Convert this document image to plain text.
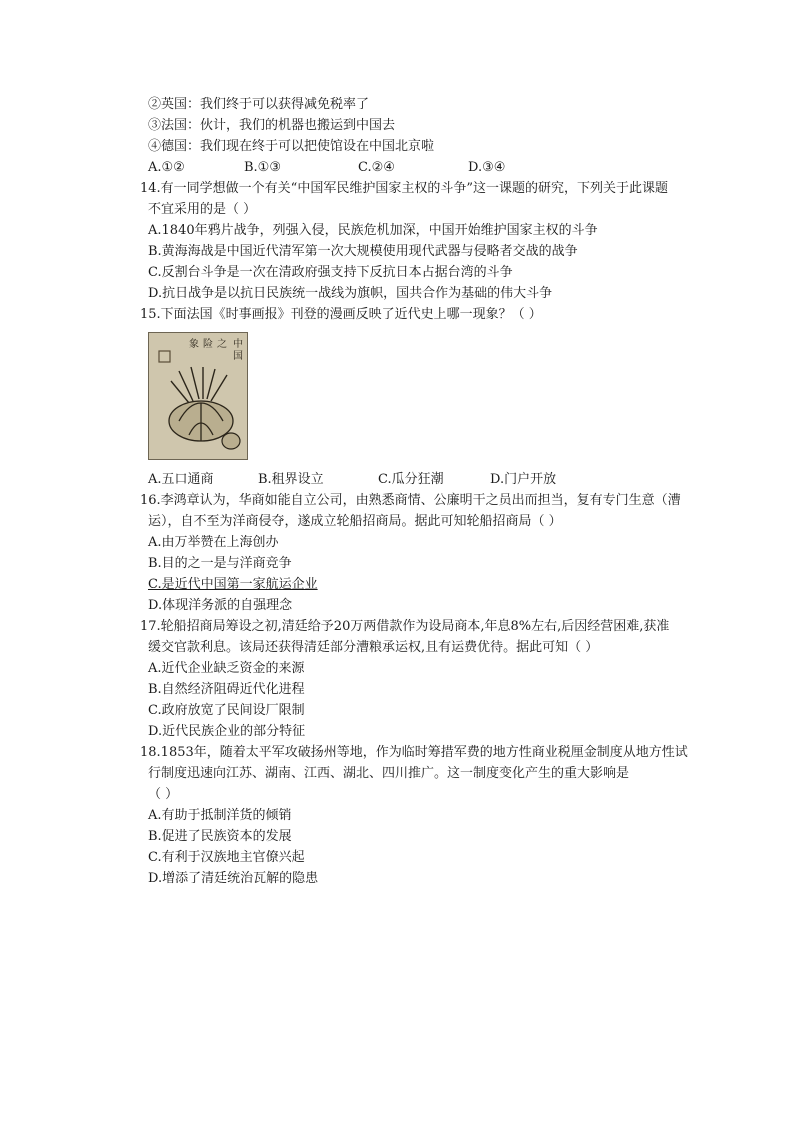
②英国：我们终于可以获得减免税率了
③法国：伙计，我们的机器也搬运到中国去
④德国：我们现在终于可以把使馆设在中国北京啦
A.①②	B.①③	C.②④	D.③④
14.有一同学想做一个有关“中国军民维护国家主权的斗争”这一课题的研究，下列关于此课题
不宜采用的是（ ）
A.1840年鸦片战争，列强入侵，民族危机加深，中国开始维护国家主权的斗争
B.黄海海战是中国近代清军第一次大规模使用现代武器与侵略者交战的战争
C.反割台斗争是一次在清政府强支持下反抗日本占据台湾的斗争
D.抗日战争是以抗日民族统一战线为旗帜，国共合作为基础的伟大斗争
15.下面法国《时事画报》刊登的漫画反映了近代史上哪一现象？（ ）
中
国
之
险
象
A.五口通商	B.租界设立	C.瓜分狂潮	D.门户开放
16.李鸿章认为，华商如能自立公司，由熟悉商情、公廉明干之员出而担当，复有专门生意（漕
运），自不至为洋商侵夺，遂成立轮船招商局。据此可知轮船招商局（ ）
A.由万举赞在上海创办
B.目的之一是与洋商竞争
C.是近代中国第一家航运企业
D.体现洋务派的自强理念
17.轮船招商局筹设之初,清廷给予20万两借款作为设局商本,年息8%左右,后因经营困难,获准
缓交官款利息。该局还获得清廷部分漕粮承运权,且有运费优待。据此可知（ ）
A.近代企业缺乏资金的来源
B.自然经济阻碍近代化进程
C.政府放宽了民间设厂限制
D.近代民族企业的部分特征
18.1853年，随着太平军攻破扬州等地，作为临时筹措军费的地方性商业税厘金制度从地方性试
行制度迅速向江苏、湖南、江西、湖北、四川推广。这一制度变化产生的重大影响是
（ ）
A.有助于抵制洋货的倾销
B.促进了民族资本的发展
C.有利于汉族地主官僚兴起
D.增添了清廷统治瓦解的隐患
